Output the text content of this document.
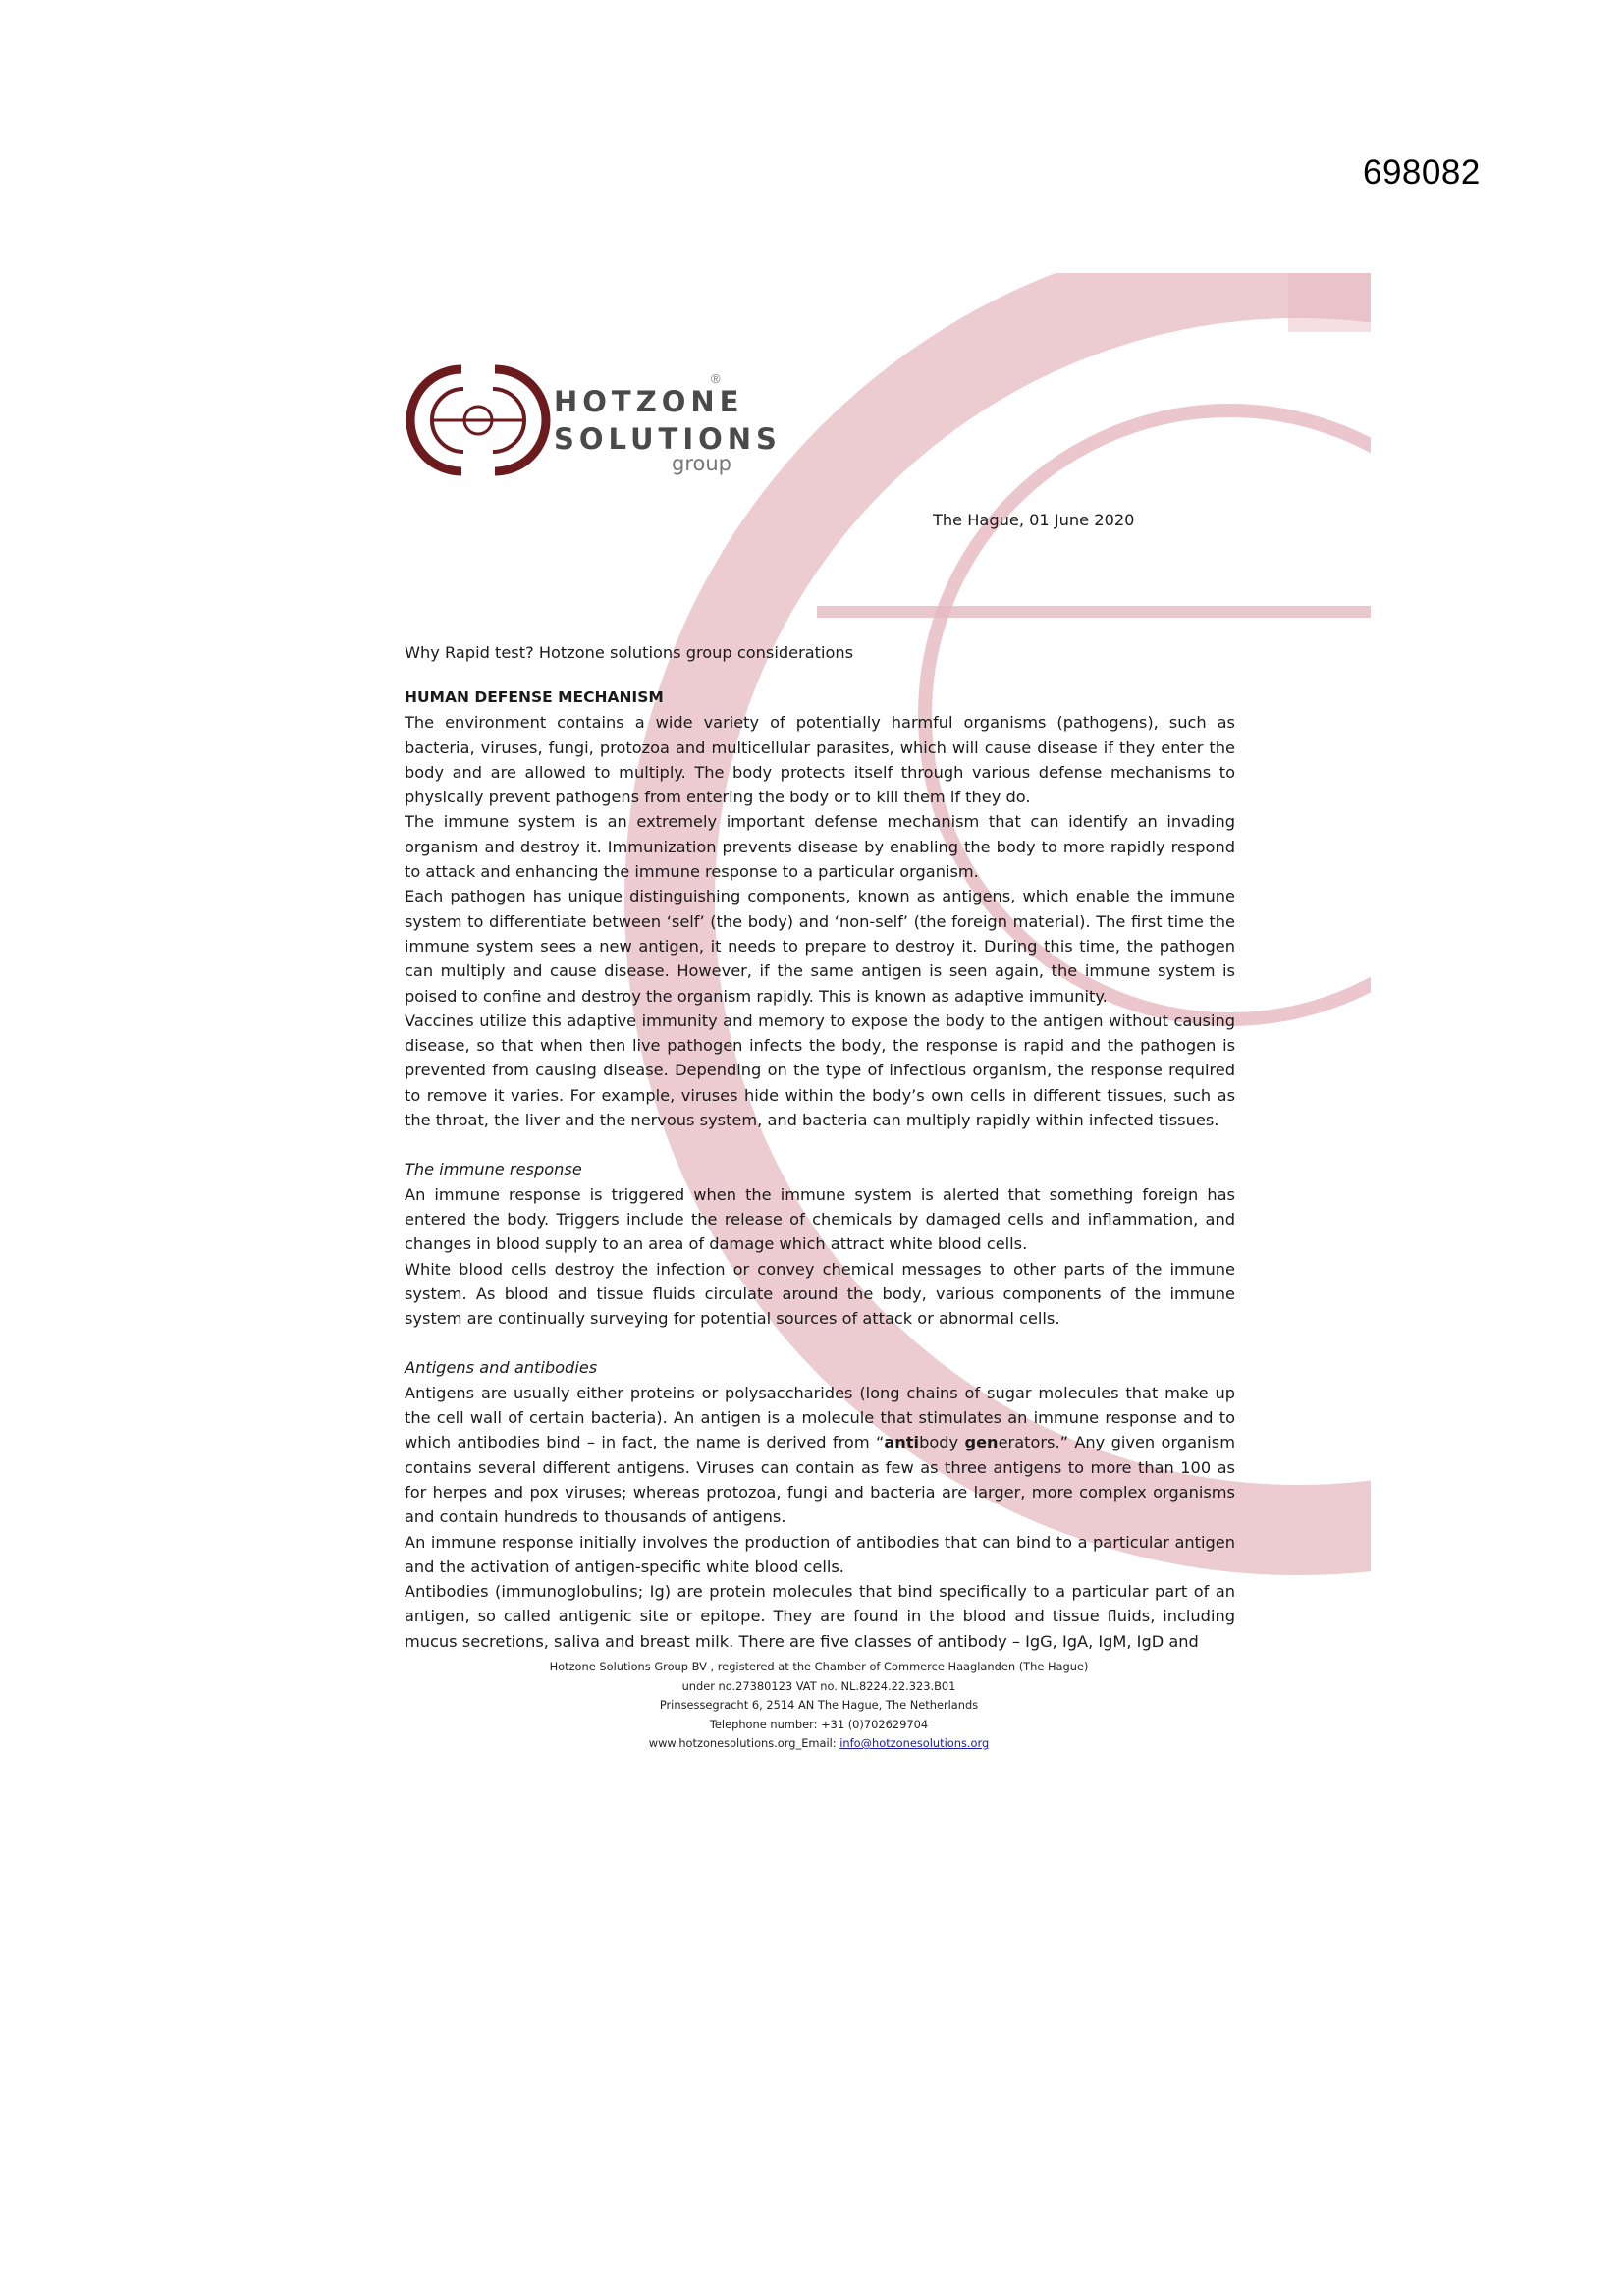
698082
HOTZONE
SOLUTIONS
®
group
The Hague, 01 June 2020

Why Rapid test? Hotzone solutions group considerations

HUMAN DEFENSE MECHANISM

The environment contains a wide variety of potentially harmful organisms (pathogens), such as bacteria, viruses, fungi, protozoa and multicellular parasites, which will cause disease if they enter the body and are allowed to multiply. The body protects itself through various defense mechanisms to physically prevent pathogens from entering the body or to kill them if they do.

The immune system is an extremely important defense mechanism that can identify an invading organism and destroy it. Immunization prevents disease by enabling the body to more rapidly respond to attack and enhancing the immune response to a particular organism.

Each pathogen has unique distinguishing components, known as antigens, which enable the immune system to differentiate between ‘self’ (the body) and ‘non-self’ (the foreign material). The first time the immune system sees a new antigen, it needs to prepare to destroy it. During this time, the pathogen can multiply and cause disease. However, if the same antigen is seen again, the immune system is poised to confine and destroy the organism rapidly. This is known as adaptive immunity.

Vaccines utilize this adaptive immunity and memory to expose the body to the antigen without causing disease, so that when then live pathogen infects the body, the response is rapid and the pathogen is prevented from causing disease. Depending on the type of infectious organism, the response required to remove it varies. For example, viruses hide within the body’s own cells in different tissues, such as the throat, the liver and the nervous system, and bacteria can multiply rapidly within infected tissues.

The immune response

An immune response is triggered when the immune system is alerted that something foreign has entered the body. Triggers include the release of chemicals by damaged cells and inflammation, and changes in blood supply to an area of damage which attract white blood cells.

White blood cells destroy the infection or convey chemical messages to other parts of the immune system. As blood and tissue fluids circulate around the body, various components of the immune system are continually surveying for potential sources of attack or abnormal cells.

Antigens and antibodies

Antigens are usually either proteins or polysaccharides (long chains of sugar molecules that make up the cell wall of certain bacteria). An antigen is a molecule that stimulates an immune response and to which antibodies bind – in fact, the name is derived from “antibody generators.” Any given organism contains several different antigens. Viruses can contain as few as three antigens to more than 100 as for herpes and pox viruses; whereas protozoa, fungi and bacteria are larger, more complex organisms and contain hundreds to thousands of antigens.

An immune response initially involves the production of antibodies that can bind to a particular antigen and the activation of antigen-specific white blood cells.

Antibodies (immunoglobulins; Ig) are protein molecules that bind specifically to a particular part of an antigen, so called antigenic site or epitope. They are found in the blood and tissue fluids, including mucus secretions, saliva and breast milk. There are five classes of antibody – IgG, IgA, IgM, IgD and

Hotzone Solutions Group BV , registered at the Chamber of Commerce Haaglanden (The Hague)
under no.27380123 VAT no. NL.8224.22.323.B01
Prinsessegracht 6, 2514 AN The Hague, The Netherlands
Telephone number: +31 (0)702629704
www.hotzonesolutions.org_Email: info@hotzonesolutions.org
